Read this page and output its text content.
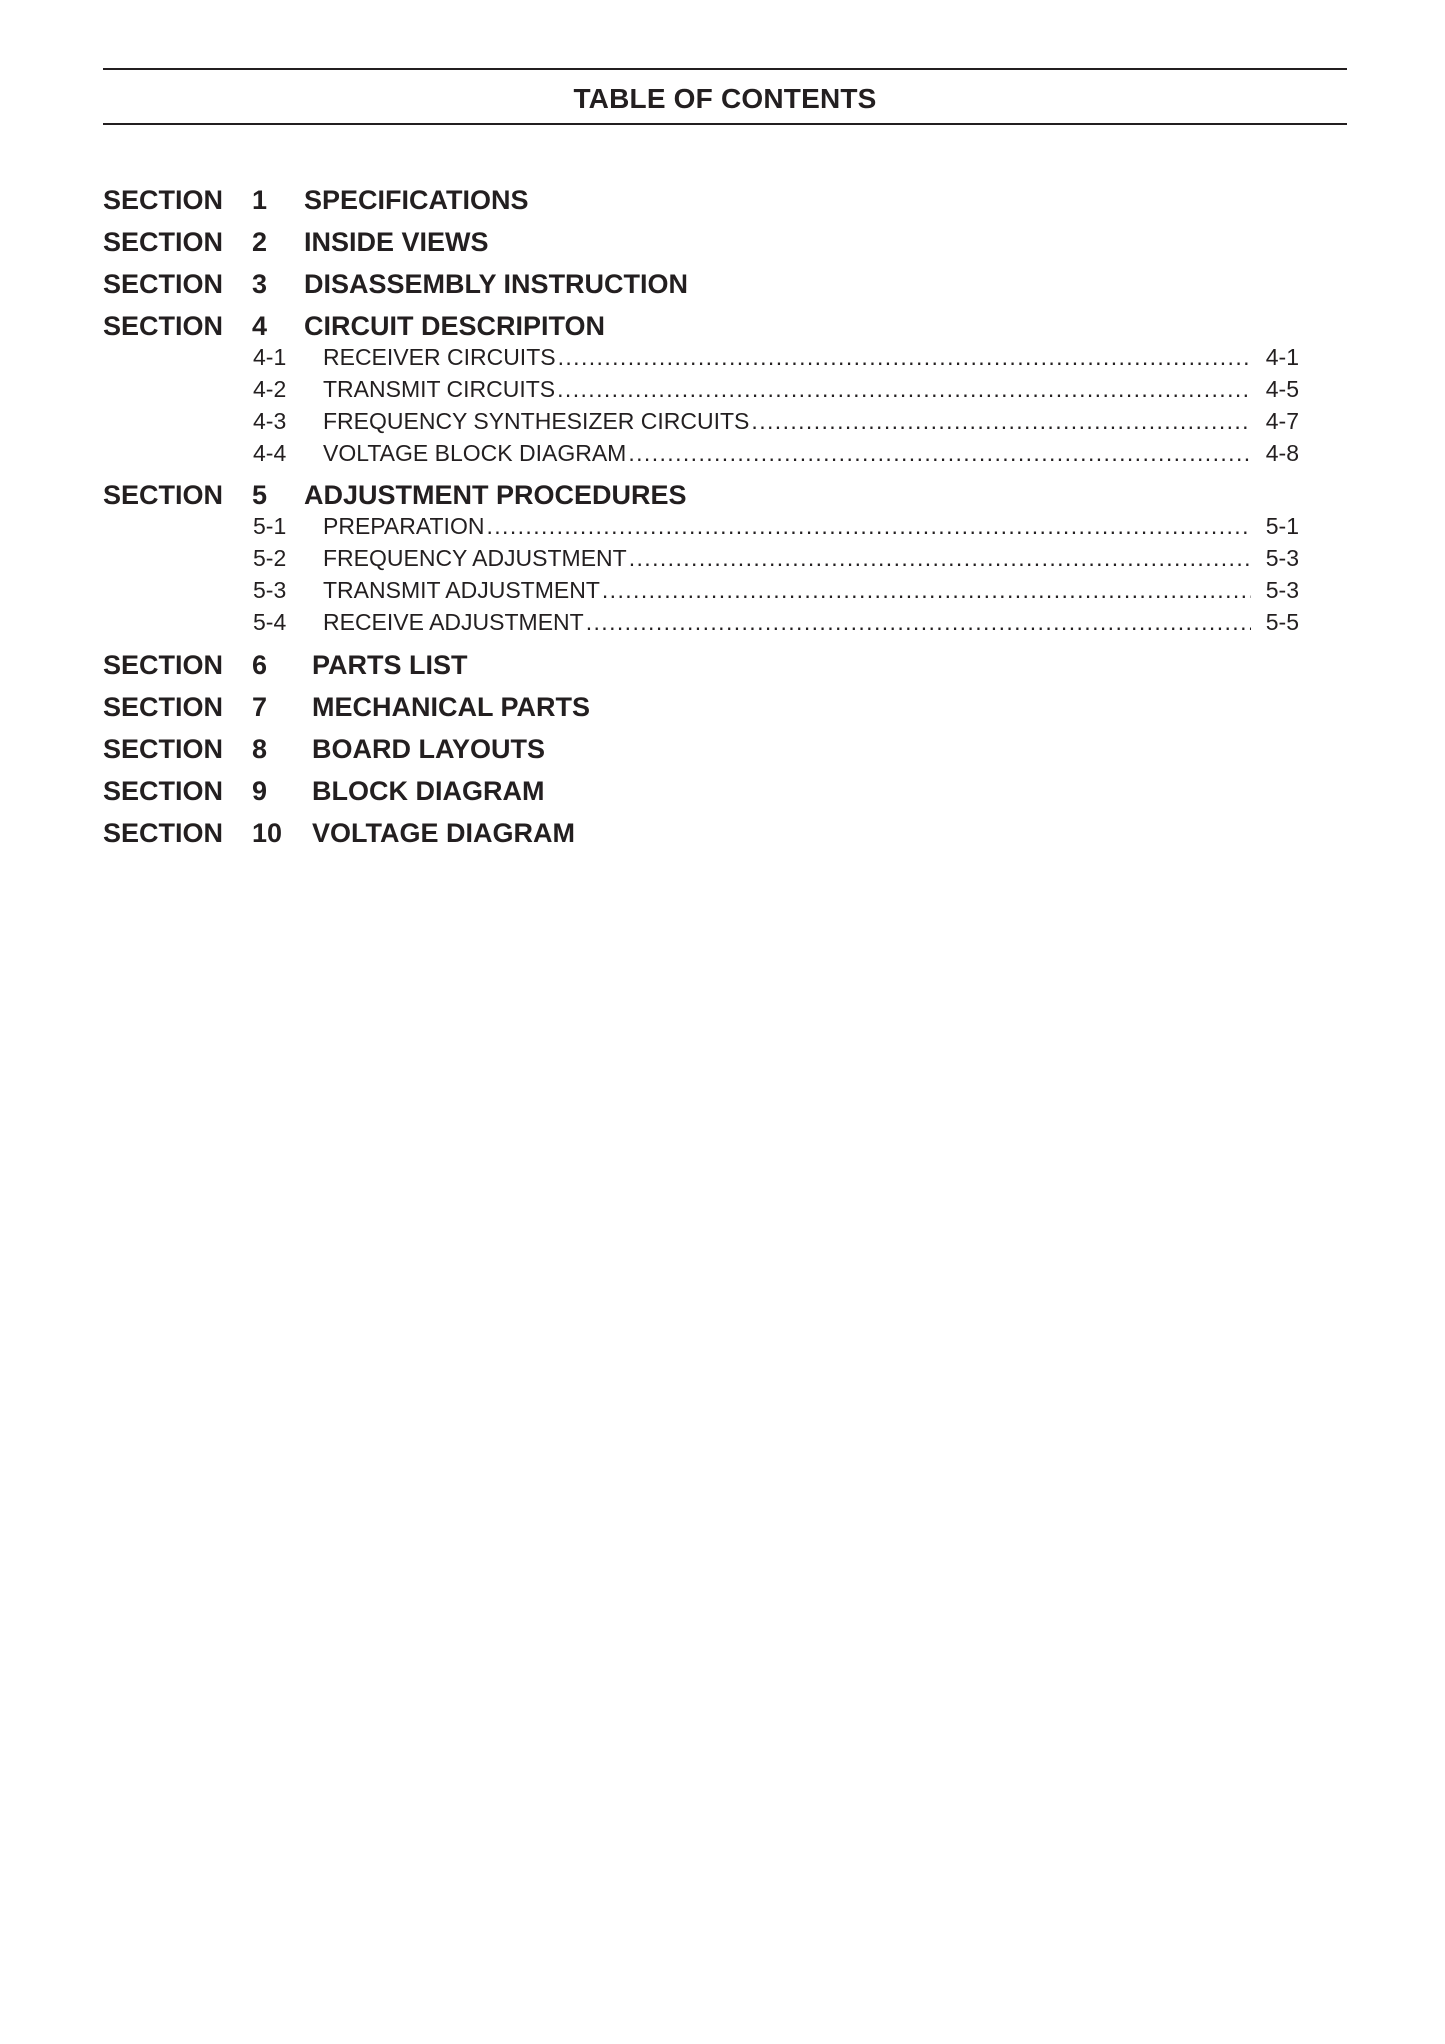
TABLE OF CONTENTS
SECTION 1 SPECIFICATIONS
SECTION 2 INSIDE VIEWS
SECTION 3 DISASSEMBLY INSTRUCTION
SECTION 4 CIRCUIT DESCRIPITON
4-1 RECEIVER CIRCUITS .....	4-1
4-2 TRANSMIT CIRCUITS .....	4-5
4-3 FREQUENCY SYNTHESIZER CIRCUITS .....	4-7
4-4 VOLTAGE BLOCK DIAGRAM .....	4-8
SECTION 5 ADJUSTMENT PROCEDURES
5-1 PREPARATION .....	5-1
5-2 FREQUENCY ADJUSTMENT .....	5-3
5-3 TRANSMIT ADJUSTMENT .....	5-3
5-4 RECEIVE ADJUSTMENT .....	5-5
SECTION 6 PARTS LIST
SECTION 7 MECHANICAL PARTS
SECTION 8 BOARD LAYOUTS
SECTION 9 BLOCK DIAGRAM
SECTION 10 VOLTAGE DIAGRAM
